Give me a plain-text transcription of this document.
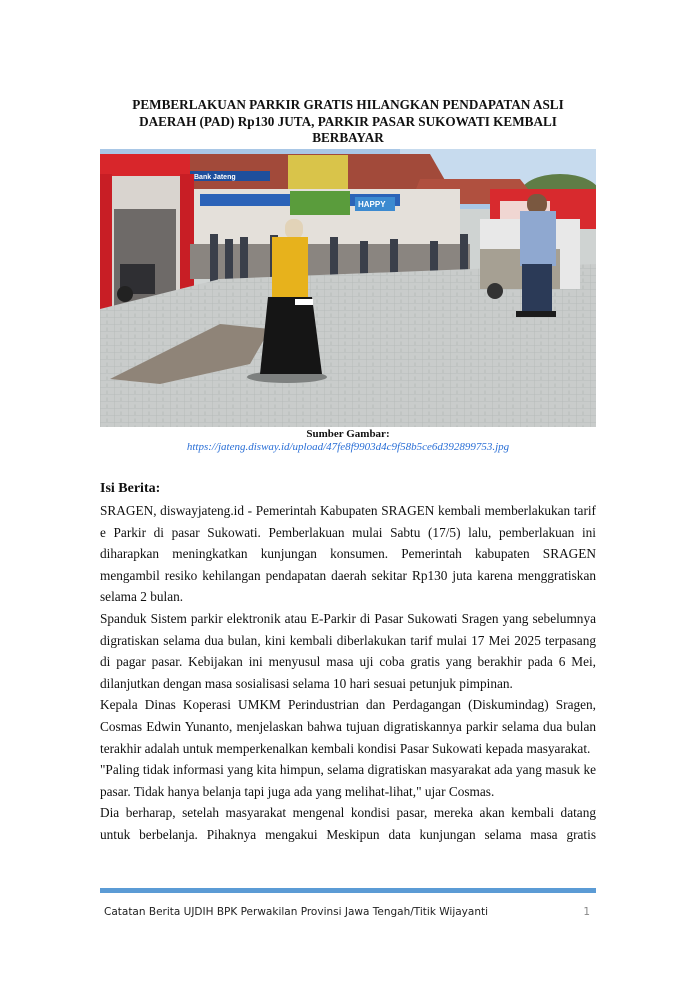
PEMBERLAKUAN PARKIR GRATIS HILANGKAN PENDAPATAN ASLI
DAERAH (PAD) Rp130 JUTA, PARKIR PASAR SUKOWATI KEMBALI
BERBAYAR
Bank Jateng
HAPPY
Sumber Gambar:
https://jateng.disway.id/upload/47fe8f9903d4c9f58b5ce6d392899753.jpg
Isi Berita:

SRAGEN, diswayjateng.id - Pemerintah Kabupaten SRAGEN kembali memberlakukan tarif e Parkir di pasar Sukowati. Pemberlakuan mulai Sabtu (17/5) lalu, pemberlakuan ini diharapkan meningkatkan kunjungan konsumen. Pemerintah kabupaten SRAGEN mengambil resiko kehilangan pendapatan daerah sekitar Rp130 juta karena menggratiskan selama 2 bulan.

Spanduk Sistem parkir elektronik atau E-Parkir di Pasar Sukowati Sragen yang sebelumnya digratiskan selama dua bulan, kini kembali diberlakukan tarif mulai 17 Mei 2025 terpasang di pagar pasar. Kebijakan ini menyusul masa uji coba gratis yang berakhir pada 6 Mei, dilanjutkan dengan masa sosialisasi selama 10 hari sesuai petunjuk pimpinan.

Kepala Dinas Koperasi UMKM Perindustrian dan Perdagangan (Diskumindag) Sragen, Cosmas Edwin Yunanto, menjelaskan bahwa tujuan digratiskannya parkir selama dua bulan terakhir adalah untuk memperkenalkan kembali kondisi Pasar Sukowati kepada masyarakat.

"Paling tidak informasi yang kita himpun, selama digratiskan masyarakat ada yang masuk ke pasar. Tidak hanya belanja tapi juga ada yang melihat-lihat," ujar Cosmas.

Dia berharap, setelah masyarakat mengenal kondisi pasar, mereka akan kembali datang untuk berbelanja. Pihaknya mengakui Meskipun data kunjungan selama masa gratis

Catatan Berita UJDIH BPK Perwakilan Provinsi Jawa Tengah/Titik Wijayanti	1
